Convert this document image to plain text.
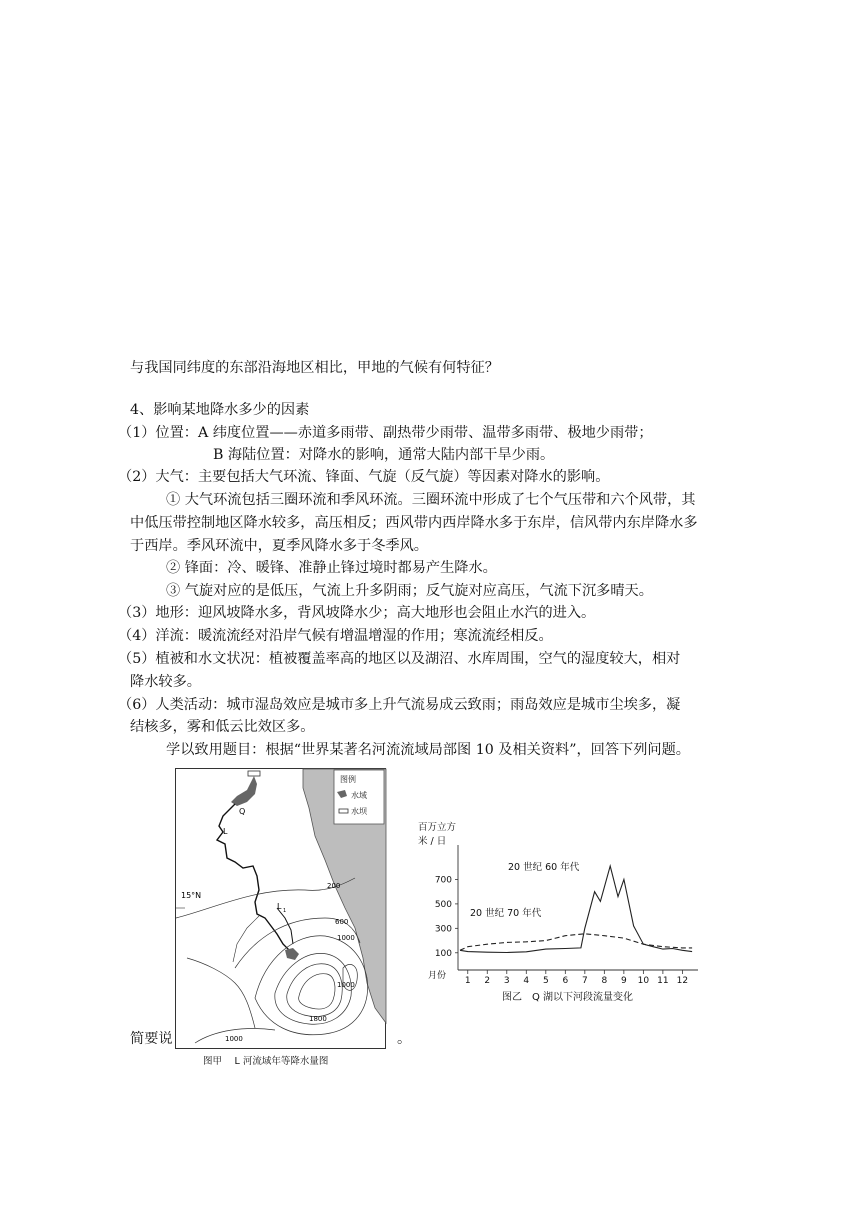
与我国同纬度的东部沿海地区相比，甲地的气候有何特征？
4、影响某地降水多少的因素
（1）位置：A 纬度位置——赤道多雨带、副热带少雨带、温带多雨带、极地少雨带；
B 海陆位置：对降水的影响，通常大陆内部干旱少雨。
（2）大气：主要包括大气环流、锋面、气旋（反气旋）等因素对降水的影响。
① 大气环流包括三圈环流和季风环流。三圈环流中形成了七个气压带和六个风带，其
中低压带控制地区降水较多，高压相反；西风带内西岸降水多于东岸，信风带内东岸降水多
于西岸。季风环流中，夏季风降水多于冬季风。
② 锋面：冷、暖锋、准静止锋过境时都易产生降水。
③ 气旋对应的是低压，气流上升多阴雨；反气旋对应高压，气流下沉多晴天。
（3）地形：迎风坡降水多，背风坡降水少；高大地形也会阻止水汽的进入。
（4）洋流：暖流流经对沿岸气候有增温增湿的作用；寒流流经相反。
（5）植被和水文状况：植被覆盖率高的地区以及湖沼、水库周围，空气的湿度较大，相对
降水较多。
（6）人类活动：城市湿岛效应是城市多上升气流易成云致雨；雨岛效应是城市尘埃多，凝
结核多，雾和低云比效区多。
学以致用题目：根据“世界某著名河流流域局部图 10 及相关资料”，回答下列问题。
简要说	。
图例
水域
水坝
Q
L
L 1
15°N
200
600
1000
1000
1800
1000
图甲　 L 河流域年等降水量图
百万立方
米 / 日
700
500
300
100
1 2 3 4 5 6 7 8 9 10 11 12
20 世纪 60 年代
20 世纪 70 年代
月份
图乙　Q 湖以下河段流量变化
